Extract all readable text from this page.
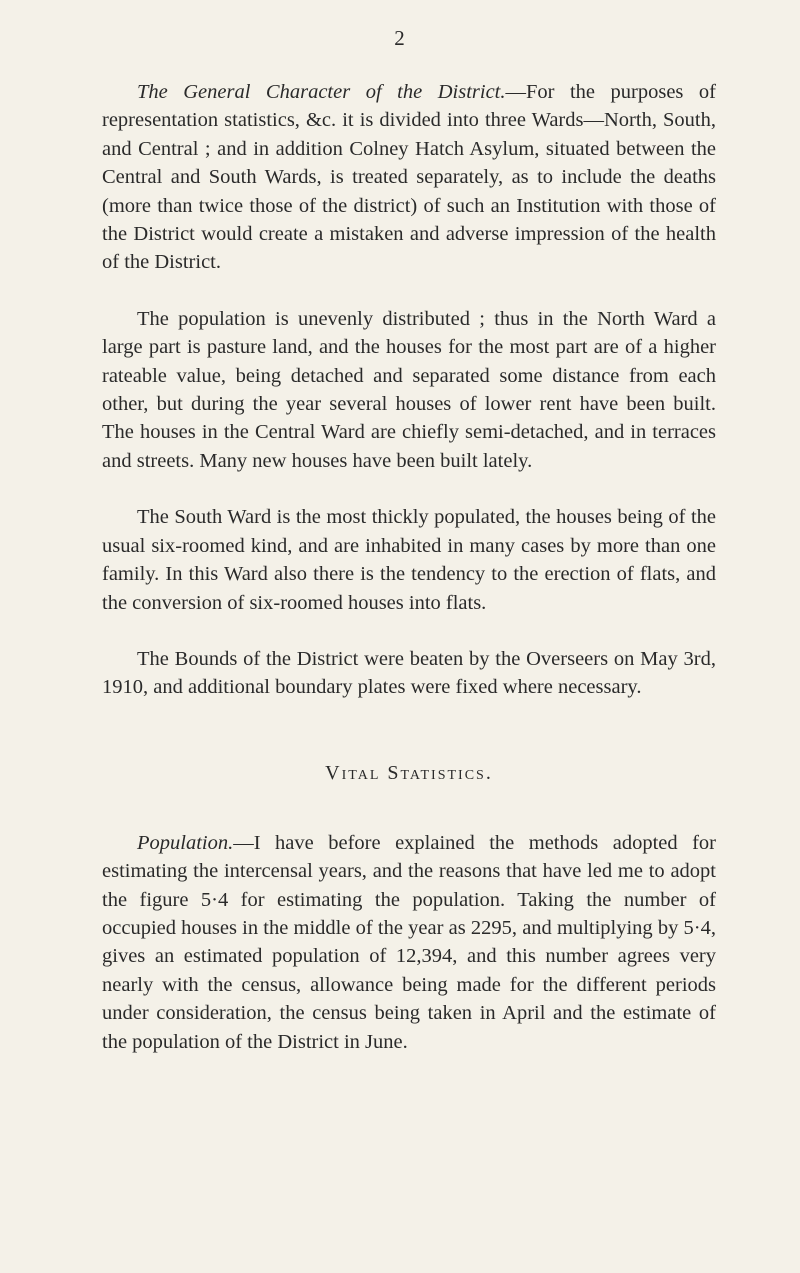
2

The General Character of the District.—For the purposes of representation statistics, &c. it is divided into three Wards—North, South, and Central ; and in addition Colney Hatch Asylum, situated between the Central and South Wards, is treated separately, as to include the deaths (more than twice those of the district) of such an Institution with those of the District would create a mistaken and adverse impression of the health of the District.

The population is unevenly distributed ; thus in the North Ward a large part is pasture land, and the houses for the most part are of a higher rateable value, being detached and separated some distance from each other, but during the year several houses of lower rent have been built. The houses in the Central Ward are chiefly semi-detached, and in terraces and streets. Many new houses have been built lately.

The South Ward is the most thickly populated, the houses being of the usual six-roomed kind, and are inhabited in many cases by more than one family. In this Ward also there is the tendency to the erection of flats, and the conversion of six-roomed houses into flats.

The Bounds of the District were beaten by the Overseers on May 3rd, 1910, and additional boundary plates were fixed where necessary.

Vital Statistics.

Population.—I have before explained the methods adopted for estimating the intercensal years, and the reasons that have led me to adopt the figure 5·4 for estimating the population. Taking the number of occupied houses in the middle of the year as 2295, and multiplying by 5·4, gives an estimated population of 12,394, and this number agrees very nearly with the census, allowance being made for the different periods under consideration, the census being taken in April and the estimate of the population of the District in June.
